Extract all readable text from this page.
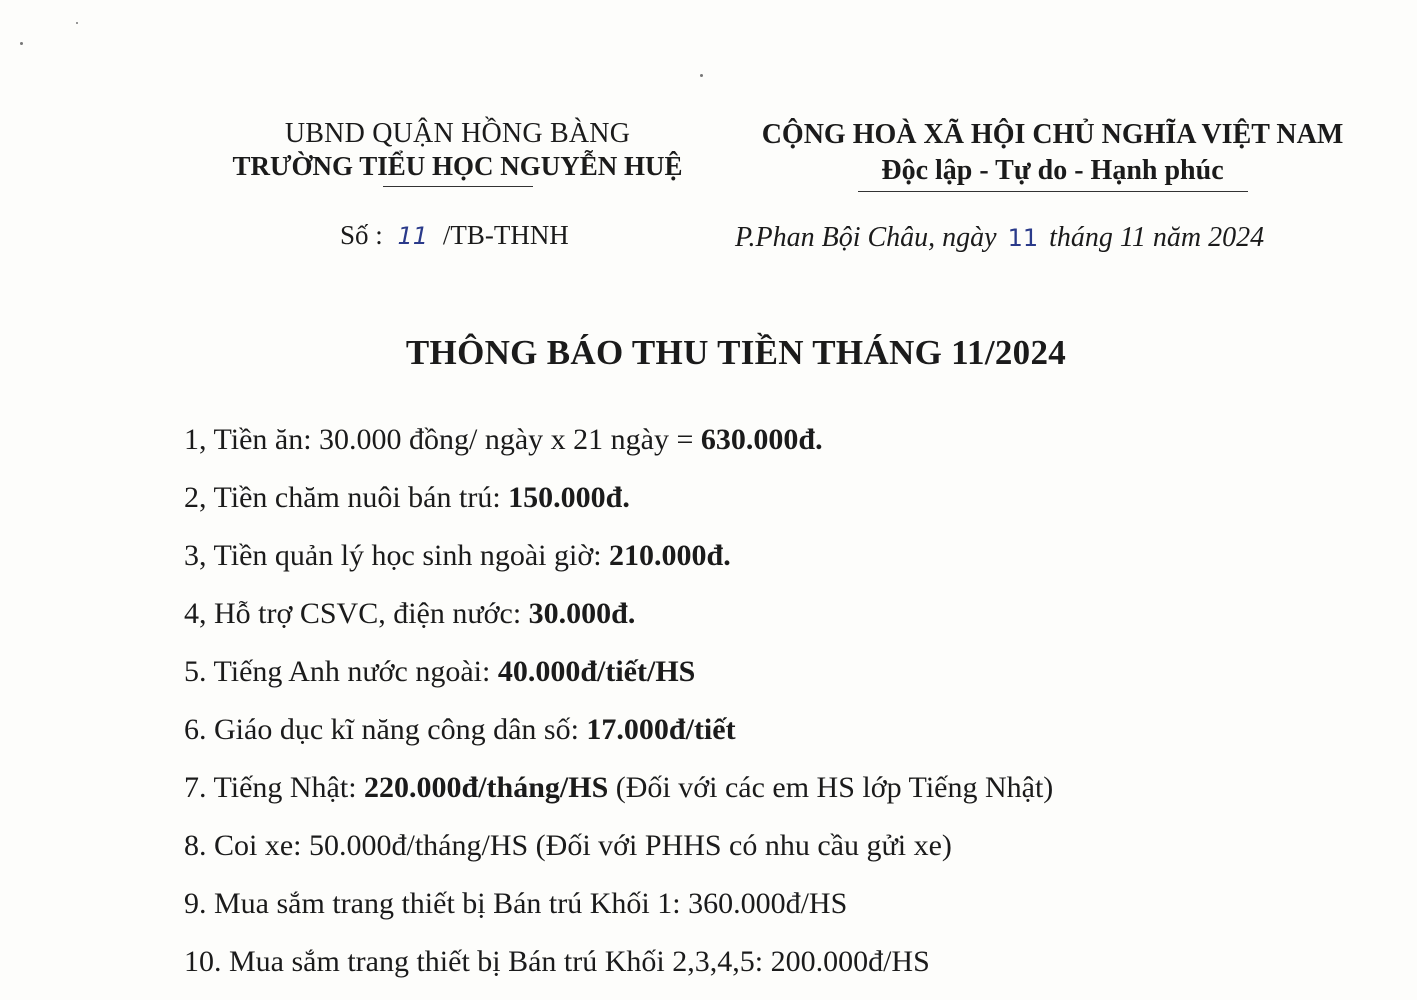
UBND QUẬN HỒNG BÀNG
TRƯỜNG TIỂU HỌC NGUYỄN HUỆ
CỘNG HOÀ XÃ HỘI CHỦ NGHĨA VIỆT NAM
Độc lập - Tự do - Hạnh phúc
Số : 11 /TB-THNH	P.Phan Bội Châu, ngày 11 tháng 11 năm 2024
THÔNG BÁO THU TIỀN THÁNG 11/2024
1, Tiền ăn: 30.000 đồng/ ngày x 21 ngày = 630.000đ.
2, Tiền chăm nuôi bán trú: 150.000đ.
3, Tiền quản lý học sinh ngoài giờ: 210.000đ.
4, Hỗ trợ CSVC, điện nước: 30.000đ.
5. Tiếng Anh nước ngoài: 40.000đ/tiết/HS
6. Giáo dục kĩ năng công dân số: 17.000đ/tiết
7. Tiếng Nhật: 220.000đ/tháng/HS (Đối với các em HS lớp Tiếng Nhật)
8. Coi xe: 50.000đ/tháng/HS (Đối với PHHS có nhu cầu gửi xe)
9. Mua sắm trang thiết bị Bán trú Khối 1: 360.000đ/HS
10. Mua sắm trang thiết bị Bán trú Khối 2,3,4,5: 200.000đ/HS
